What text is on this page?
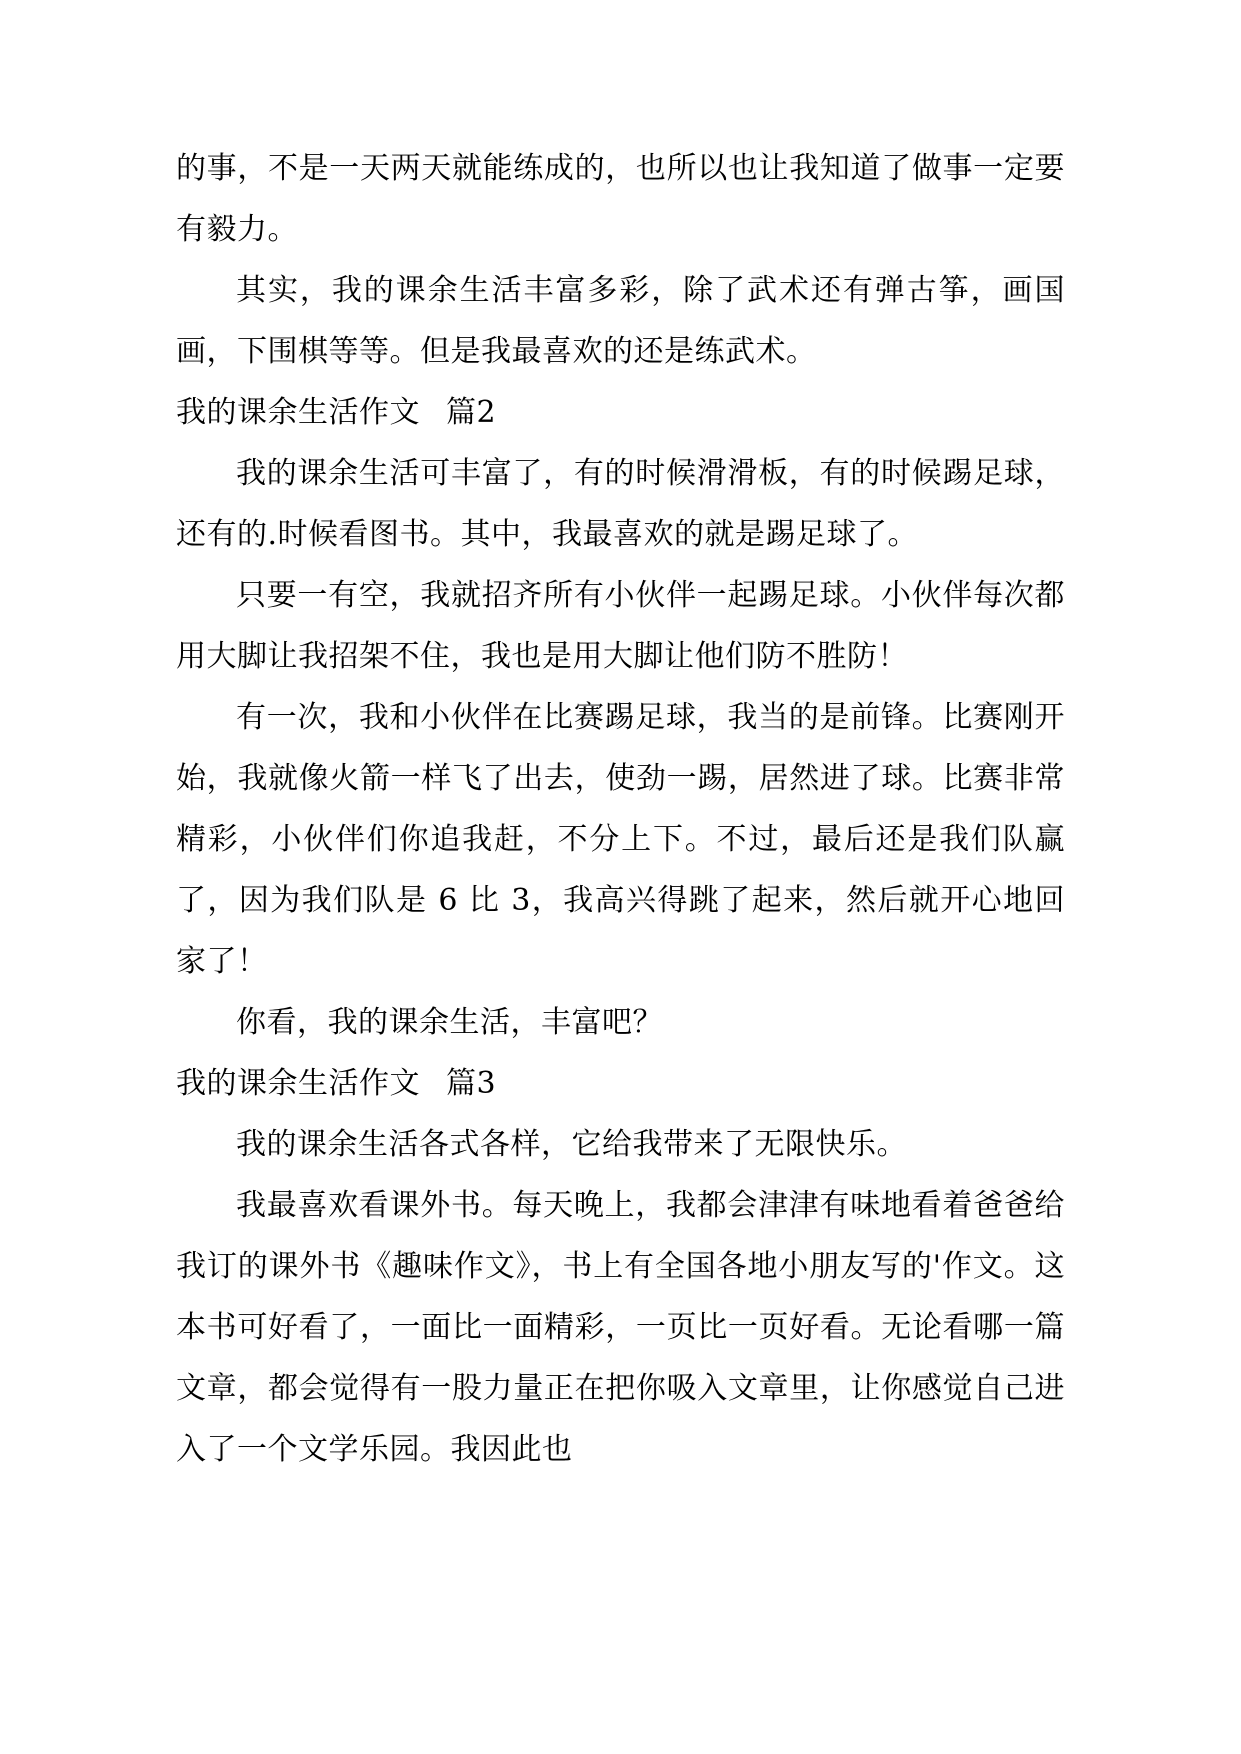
的事，不是一天两天就能练成的，也所以也让我知道了做事一定要有毅力。

其实，我的课余生活丰富多彩，除了武术还有弹古筝，画国画，下围棋等等。但是我最喜欢的还是练武术。

我的课余生活作文 篇2

我的课余生活可丰富了，有的时候滑滑板，有的时候踢足球，还有的.时候看图书。其中，我最喜欢的就是踢足球了。

只要一有空，我就招齐所有小伙伴一起踢足球。小伙伴每次都用大脚让我招架不住，我也是用大脚让他们防不胜防！

有一次，我和小伙伴在比赛踢足球，我当的是前锋。比赛刚开始，我就像火箭一样飞了出去，使劲一踢，居然进了球。比赛非常精彩，小伙伴们你追我赶，不分上下。不过，最后还是我们队赢了，因为我们队是 6 比 3，我高兴得跳了起来，然后就开心地回家了！

你看，我的课余生活，丰富吧？

我的课余生活作文 篇3

我的课余生活各式各样，它给我带来了无限快乐。

我最喜欢看课外书。每天晚上，我都会津津有味地看着爸爸给我订的课外书《趣味作文》，书上有全国各地小朋友写的'作文。这本书可好看了，一面比一面精彩，一页比一页好看。无论看哪一篇文章，都会觉得有一股力量正在把你吸入文章里，让你感觉自己进入了一个文学乐园。我因此也
